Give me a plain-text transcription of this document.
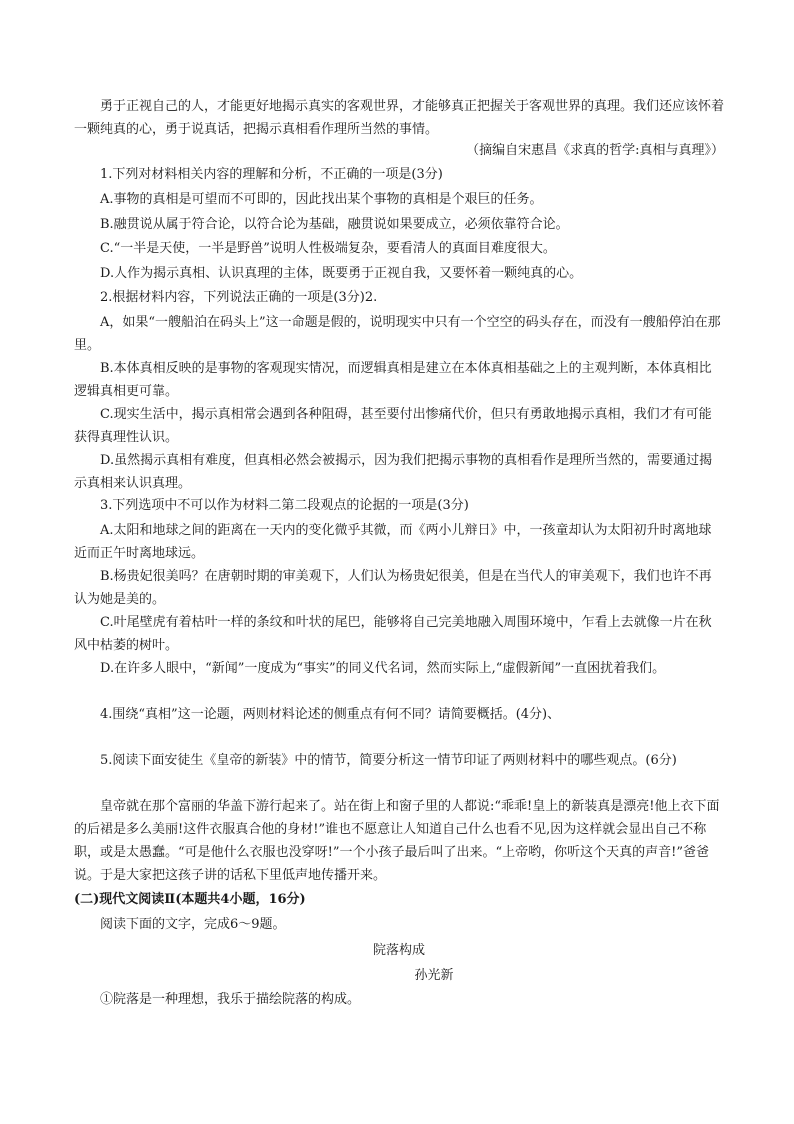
勇于正视自己的人，才能更好地揭示真实的客观世界，才能够真正把握关于客观世界的真理。我们还应该怀着一颗纯真的心，勇于说真话，把揭示真相看作理所当然的事情。

（摘编自宋惠昌《求真的哲学:真相与真理》）

1.下列对材料相关内容的理解和分析，不正确的一项是(3分)

A.事物的真相是可望而不可即的，因此找出某个事物的真相是个艰巨的任务。

B.融贯说从属于符合论，以符合论为基础，融贯说如果要成立，必须依靠符合论。

C.“一半是天使，一半是野兽”说明人性极端复杂，要看清人的真面目难度很大。

D.人作为揭示真相、认识真理的主体，既要勇于正视自我，又要怀着一颗纯真的心。

2.根据材料内容，下列说法正确的一项是(3分)2.

A，如果“一艘船泊在码头上”这一命题是假的，说明现实中只有一个空空的码头存在，而没有一艘船停泊在那里。

B.本体真相反映的是事物的客观现实情况，而逻辑真相是建立在本体真相基础之上的主观判断，本体真相比逻辑真相更可靠。

C.现实生活中，揭示真相常会遇到各种阻碍，甚至要付出惨痛代价，但只有勇敢地揭示真相，我们才有可能获得真理性认识。

D.虽然揭示真相有难度，但真相必然会被揭示，因为我们把揭示事物的真相看作是理所当然的，需要通过揭示真相来认识真理。

3.下列选项中不可以作为材料二第二段观点的论据的一项是(3分)

A.太阳和地球之间的距离在一天内的变化微乎其微，而《两小儿辩日》中，一孩童却认为太阳初升时离地球近而正午时离地球远。

B.杨贵妃很美吗？在唐朝时期的审美观下，人们认为杨贵妃很美，但是在当代人的审美观下，我们也许不再认为她是美的。

C.叶尾壁虎有着枯叶一样的条纹和叶状的尾巴，能够将自己完美地融入周围环境中，乍看上去就像一片在秋风中枯萎的树叶。

D.在许多人眼中，“新闻”一度成为“事实”的同义代名词，然而实际上,“虚假新闻”一直困扰着我们。

4.围绕“真相”这一论题，两则材料论述的侧重点有何不同？请简要概括。(4分)、

5.阅读下面安徒生《皇帝的新装》中的情节，简要分析这一情节印证了两则材料中的哪些观点。(6分)

皇帝就在那个富丽的华盖下游行起来了。站在街上和窗子里的人都说:“乖乖!皇上的新装真是漂亮!他上衣下面的后裙是多么美丽!这件衣服真合他的身材!”谁也不愿意让人知道自己什么也看不见,因为这样就会显出自己不称职，或是太愚蠢。“可是他什么衣服也没穿呀!”一个小孩子最后叫了出来。“上帝哟，你听这个天真的声音!”爸爸说。于是大家把这孩子讲的话私下里低声地传播开来。

(二)现代文阅读Ⅱ(本题共4小题，16分)

阅读下面的文字，完成6～9题。

院落构成

孙光新

①院落是一种理想，我乐于描绘院落的构成。
